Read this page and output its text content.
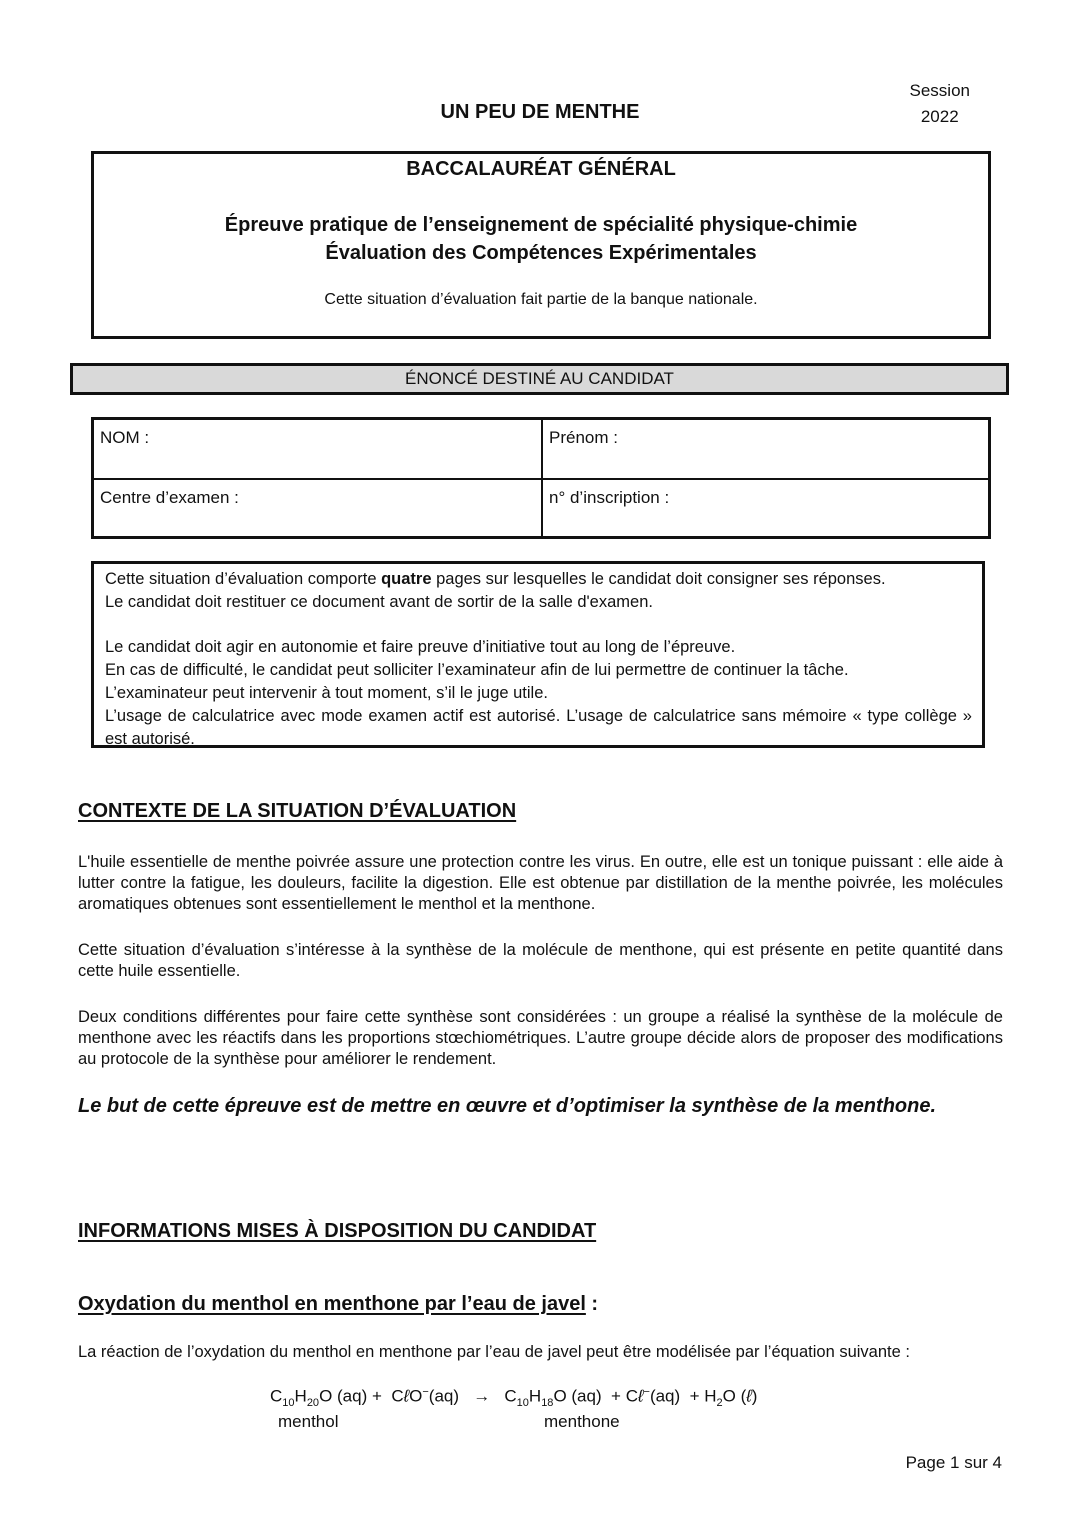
Session
2022
UN PEU DE MENTHE
BACCALAURÉAT GÉNÉRAL
Épreuve pratique de l’enseignement de spécialité physique-chimie
Évaluation des Compétences Expérimentales
Cette situation d’évaluation fait partie de la banque nationale.
ÉNONCÉ DESTINÉ AU CANDIDAT
NOM :	Prénom :
Centre d’examen :	n° d’inscription :

Cette situation d’évaluation comporte quatre pages sur lesquelles le candidat doit consigner ses réponses.

Le candidat doit restituer ce document avant de sortir de la salle d'examen.

Le candidat doit agir en autonomie et faire preuve d’initiative tout au long de l’épreuve.

En cas de difficulté, le candidat peut solliciter l’examinateur afin de lui permettre de continuer la tâche.

L’examinateur peut intervenir à tout moment, s’il le juge utile.

L’usage de calculatrice avec mode examen actif est autorisé. L’usage de calculatrice sans mémoire « type collège » est autorisé.

CONTEXTE DE LA SITUATION D’ÉVALUATION

L'huile essentielle de menthe poivrée assure une protection contre les virus. En outre, elle est un tonique puissant : elle aide à lutter contre la fatigue, les douleurs, facilite la digestion. Elle est obtenue par distillation de la menthe poivrée, les molécules aromatiques obtenues sont essentiellement le menthol et la menthone.

Cette situation d’évaluation s’intéresse à la synthèse de la molécule de menthone, qui est présente en petite quantité dans cette huile essentielle.

Deux conditions différentes pour faire cette synthèse sont considérées : un groupe a réalisé la synthèse de la molécule de menthone avec les réactifs dans les proportions stœchiométriques. L’autre groupe décide alors de proposer des modifications au protocole de la synthèse pour améliorer le rendement.

Le but de cette épreuve est de mettre en œuvre et d’optimiser la synthèse de la menthone.
INFORMATIONS MISES À DISPOSITION DU CANDIDAT
Oxydation du menthol en menthone par l’eau de javel :
La réaction de l’oxydation du menthol en menthone par l’eau de javel peut être modélisée par l’équation suivante :
$C_{10}H_{20}O$ (aq) +  CℓO−(aq)   →   $C_{10}H_{18}O$ (aq)  + Cℓ−(aq)  + $H_2O$ (ℓ)
menthol	menthone
Page 1 sur 4
